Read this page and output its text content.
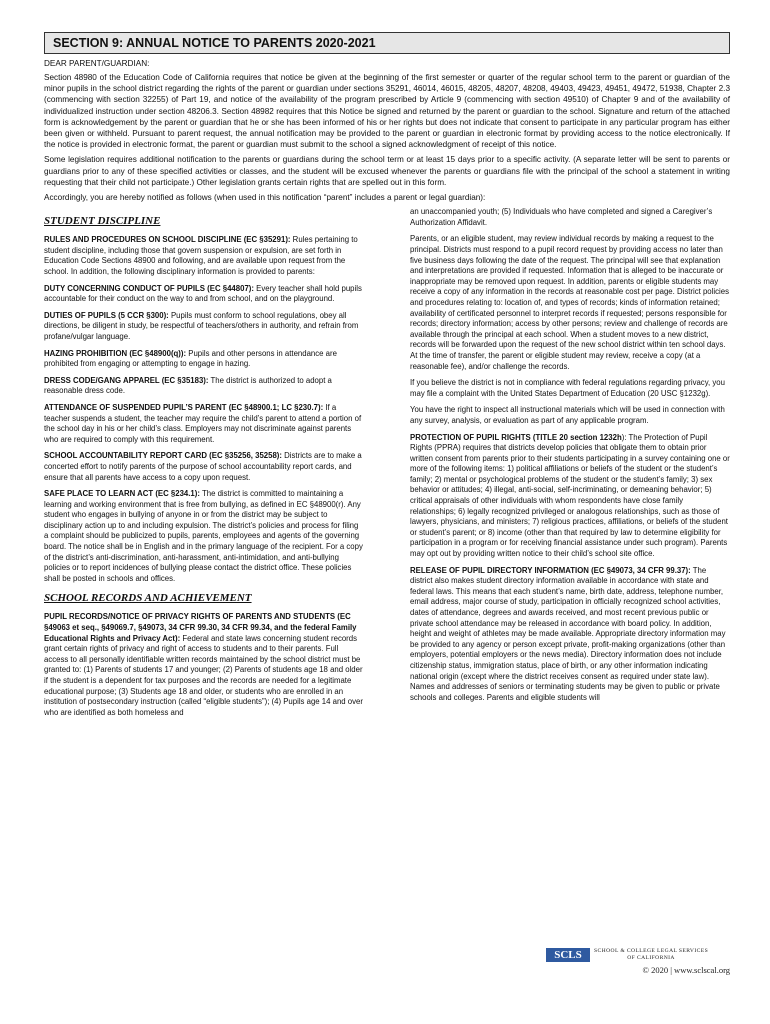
SECTION 9: ANNUAL NOTICE TO PARENTS 2020-2021
DEAR PARENT/GUARDIAN:

Section 48980 of the Education Code of California requires that notice be given at the beginning of the first semester or quarter of the regular school term to the parent or guardian of the minor pupils in the school district regarding the rights of the parent or guardian under sections 35291, 46014, 46015, 48205, 48207, 48208, 49403, 49423, 49451, 49472, 51938, Chapter 2.3 (commencing with section 32255) of Part 19, and notice of the availability of the program prescribed by Article 9 (commencing with section 49510) of Chapter 9 and of the availability of individualized instruction under section 48206.3. Section 48982 requires that this Notice be signed and returned by the parent or guardian to the school. Signature and return of the attached form is acknowledgement by the parent or guardian that he or she has been informed of his or her rights but does not indicate that consent to participate in any particular program has either been given or withheld. Pursuant to parent request, the annual notification may be provided to the parent or guardian in electronic format by providing access to the notice electronically. If the notice is provided in electronic format, the parent or guardian must submit to the school a signed acknowledgment of receipt of this notice.

Some legislation requires additional notification to the parents or guardians during the school term or at least 15 days prior to a specific activity. (A separate letter will be sent to parents or guardians prior to any of these specified activities or classes, and the student will be excused whenever the parents or guardians file with the principal of the school a statement in writing requesting that their child not participate.) Other legislation grants certain rights that are spelled out in this form.

Accordingly, you are hereby notified as follows (when used in this notification “parent” includes a parent or legal guardian):

STUDENT DISCIPLINE

RULES AND PROCEDURES ON SCHOOL DISCIPLINE (EC §35291): Rules pertaining to student discipline, including those that govern suspension or expulsion, are set forth in Education Code Sections 48900 and following, and are available upon request from the school. In addition, the following disciplinary information is provided to parents:

DUTY CONCERNING CONDUCT OF PUPILS (EC §44807): Every teacher shall hold pupils accountable for their conduct on the way to and from school, and on the playground.

DUTIES OF PUPILS (5 CCR §300): Pupils must conform to school regulations, obey all directions, be diligent in study, be respectful of teachers/others in authority, and refrain from profane/vulgar language.

HAZING PROHIBITION (EC §48900(q)): Pupils and other persons in attendance are prohibited from engaging or attempting to engage in hazing.

DRESS CODE/GANG APPAREL (EC §35183): The district is authorized to adopt a reasonable dress code.

ATTENDANCE OF SUSPENDED PUPIL’S PARENT (EC §48900.1; LC §230.7): If a teacher suspends a student, the teacher may require the child’s parent to attend a portion of the school day in his or her child’s class. Employers may not discriminate against parents who are required to comply with this requirement.

SCHOOL ACCOUNTABILITY REPORT CARD (EC §35256, 35258): Districts are to make a concerted effort to notify parents of the purpose of school accountability report cards, and ensure that all parents have access to a copy upon request.

SAFE PLACE TO LEARN ACT (EC §234.1): The district is committed to maintaining a learning and working environment that is free from bullying, as defined in EC §48900(r). Any student who engages in bullying of anyone in or from the district may be subject to disciplinary action up to and including expulsion. The district’s policies and process for filing a complaint should be publicized to pupils, parents, employees and agents of the governing board. The notice shall be in English and in the primary language of the recipient. For a copy of the district’s anti-discrimination, anti-harassment, anti-intimidation, and anti-bullying policies or to report incidences of bullying please contact the district office. These policies shall be posted in schools and offices.

SCHOOL RECORDS AND ACHIEVEMENT

PUPIL RECORDS/NOTICE OF PRIVACY RIGHTS OF PARENTS AND STUDENTS (EC §49063 et seq., §49069.7, §49073, 34 CFR 99.30, 34 CFR 99.34, and the federal Family Educational Rights and Privacy Act): Federal and state laws concerning student records grant certain rights of privacy and right of access to students and to their parents. Full access to all personally identifiable written records maintained by the school district must be granted to: (1) Parents of students 17 and younger; (2) Parents of students age 18 and older if the student is a dependent for tax purposes and the records are needed for a legitimate educational purpose; (3) Students age 18 and older, or students who are enrolled in an institution of postsecondary instruction (called “eligible students”); (4) Pupils age 14 and over who are identified as both homeless and

an unaccompanied youth; (5) Individuals who have completed and signed a Caregiver’s Authorization Affidavit.

Parents, or an eligible student, may review individual records by making a request to the principal. Districts must respond to a pupil record request by providing access no later than five business days following the date of the request. The principal will see that explanation and interpretations are provided if requested. Information that is alleged to be inaccurate or inappropriate may be removed upon request. In addition, parents or eligible students may receive a copy of any information in the records at reasonable cost per page. District policies and procedures relating to: location of, and types of records; kinds of information retained; availability of certificated personnel to interpret records if requested; persons responsible for records; directory information; access by other persons; review and challenge of records are available through the principal at each school. When a student moves to a new district, records will be forwarded upon the request of the new school district within ten school days. At the time of transfer, the parent or eligible student may review, receive a copy (at a reasonable fee), and/or challenge the records.

If you believe the district is not in compliance with federal regulations regarding privacy, you may file a complaint with the United States Department of Education (20 USC §1232g).

You have the right to inspect all instructional materials which will be used in connection with any survey, analysis, or evaluation as part of any applicable program.

PROTECTION OF PUPIL RIGHTS (TITLE 20 section 1232h): The Protection of Pupil Rights (PPRA) requires that districts develop policies that obligate them to obtain prior written consent from parents prior to their students participating in a survey containing one or more of the following items: 1) political affiliations or beliefs of the student or the student’s family; 2) mental or psychological problems of the student or the student’s family; 3) sex behavior or attitudes; 4) illegal, anti-social, self-incriminating, or demeaning behavior; 5) critical appraisals of other individuals with whom respondents have close family relationships; 6) legally recognized privileged or analogous relationships, such as those of lawyers, physicians, and ministers; 7) religious practices, affiliations, or beliefs of the student or student’s parent; or 8) income (other than that required by law to determine eligibility for participation in a program or for receiving financial assistance under such program). Parents may opt out by providing written notice to their child’s school site office.

RELEASE OF PUPIL DIRECTORY INFORMATION (EC §49073, 34 CFR 99.37): The district also makes student directory information available in accordance with state and federal laws. This means that each student’s name, birth date, address, telephone number, email address, major course of study, participation in officially recognized school activities, dates of attendance, degrees and awards received, and most recent previous public or private school attendance may be released in accordance with board policy. In addition, height and weight of athletes may be made available. Appropriate directory information may be provided to any agency or person except private, profit-making organizations (other than employers, potential employers or the news media). Directory information does not include citizenship status, immigration status, place of birth, or any other information indicating national origin (except where the district receives consent as required under state law). Names and addresses of seniors or terminating students may be given to public or private schools and colleges. Parents and eligible students will

SCLS	SCHOOL & COLLEGE LEGAL SERVICES
OF CALIFORNIA
© 2020 | www.sclscal.org
